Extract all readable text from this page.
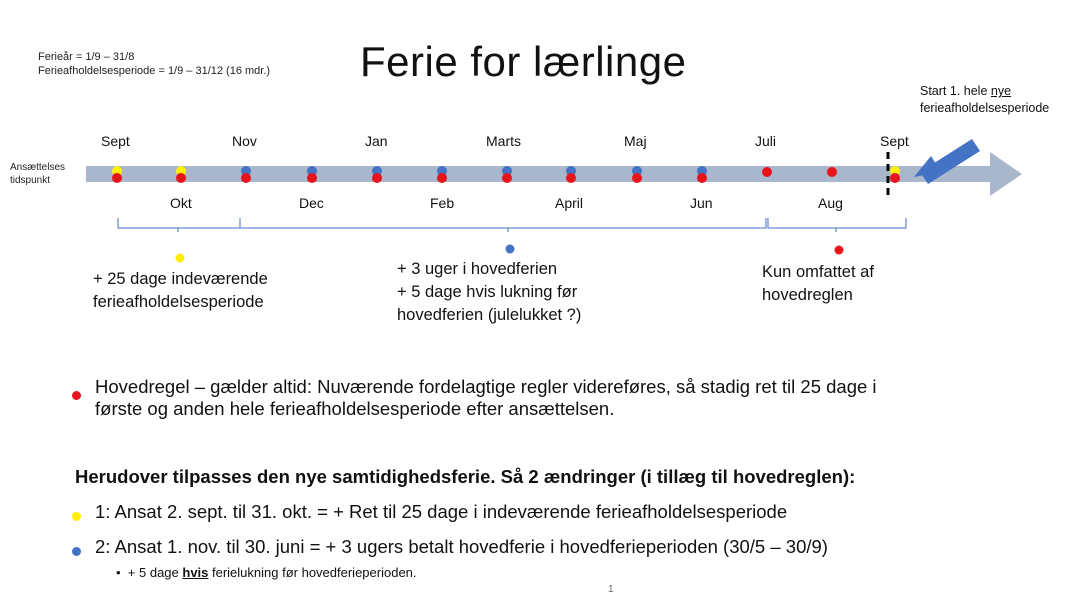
Ferieår = 1/9 – 31/8
Ferieafholdelsesperiode = 1/9 – 31/12 (16 mdr.) Ferie for lærlinge
Start 1. hele nye
ferieafholdelsesperiode
Ansættelses
tidspunkt
Sept	Nov	Jan	Marts	Maj	Juli	Sept
Okt	Dec	Feb	April	Jun	Aug
+ 25 dage indeværende
ferieafholdelsesperiode
+ 3 uger i hovedferien
+ 5 dage hvis lukning før
hovedferien (julelukket ?)
Kun omfattet af
hovedreglen
Hovedregel – gælder altid: Nuværende fordelagtige regler videreføres, så stadig ret til 25 dage i
første og anden hele ferieafholdelsesperiode efter ansættelsen.
Herudover tilpasses den nye samtidighedsferie. Så 2 ændringer (i tillæg til hovedreglen):
1: Ansat 2. sept. til 31. okt. = + Ret til 25 dage i indeværende ferieafholdelsesperiode
2: Ansat 1. nov. til 30. juni = + 3 ugers betalt hovedferie i hovedferieperioden (30/5 – 30/9)
• + 5 dage hvis ferielukning før hovedferieperioden.
1
